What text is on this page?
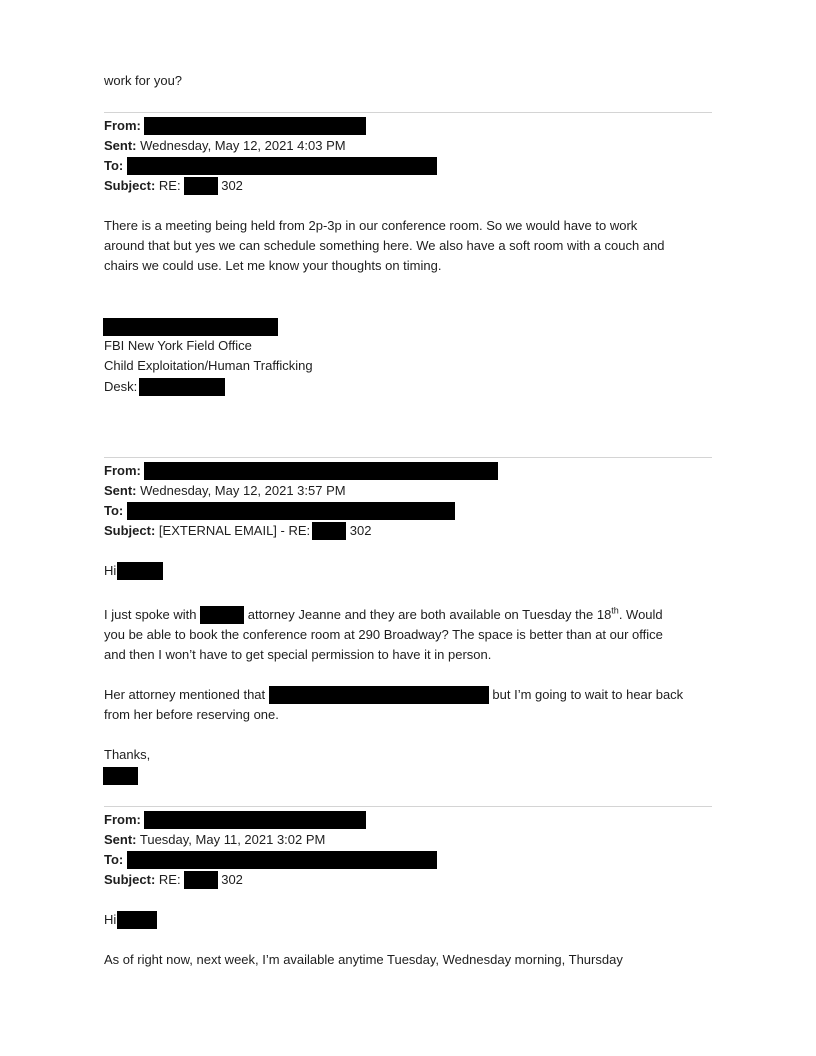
work for you?
From:
Sent: Wednesday, May 12, 2021 4:03 PM
To:
Subject: RE:	302
There is a meeting being held from 2p-3p in our conference room. So we would have to work
around that but yes we can schedule something here. We also have a soft room with a couch and
chairs we could use. Let me know your thoughts on timing.
FBI New York Field Office
Child Exploitation/Human Trafficking
Desk:
From:
Sent: Wednesday, May 12, 2021 3:57 PM
To:
Subject: [EXTERNAL EMAIL] - RE:	302
Hi
I just spoke with	attorney Jeanne and they are both available on Tuesday the 18th. Would
you be able to book the conference room at 290 Broadway? The space is better than at our office
and then I won’t have to get special permission to have it in person.
Her attorney mentioned that	but I’m going to wait to hear back
from her before reserving one.
Thanks,
From:
Sent: Tuesday, May 11, 2021 3:02 PM
To:
Subject: RE:	302
Hi
As of right now, next week, I’m available anytime Tuesday, Wednesday morning, Thursday
